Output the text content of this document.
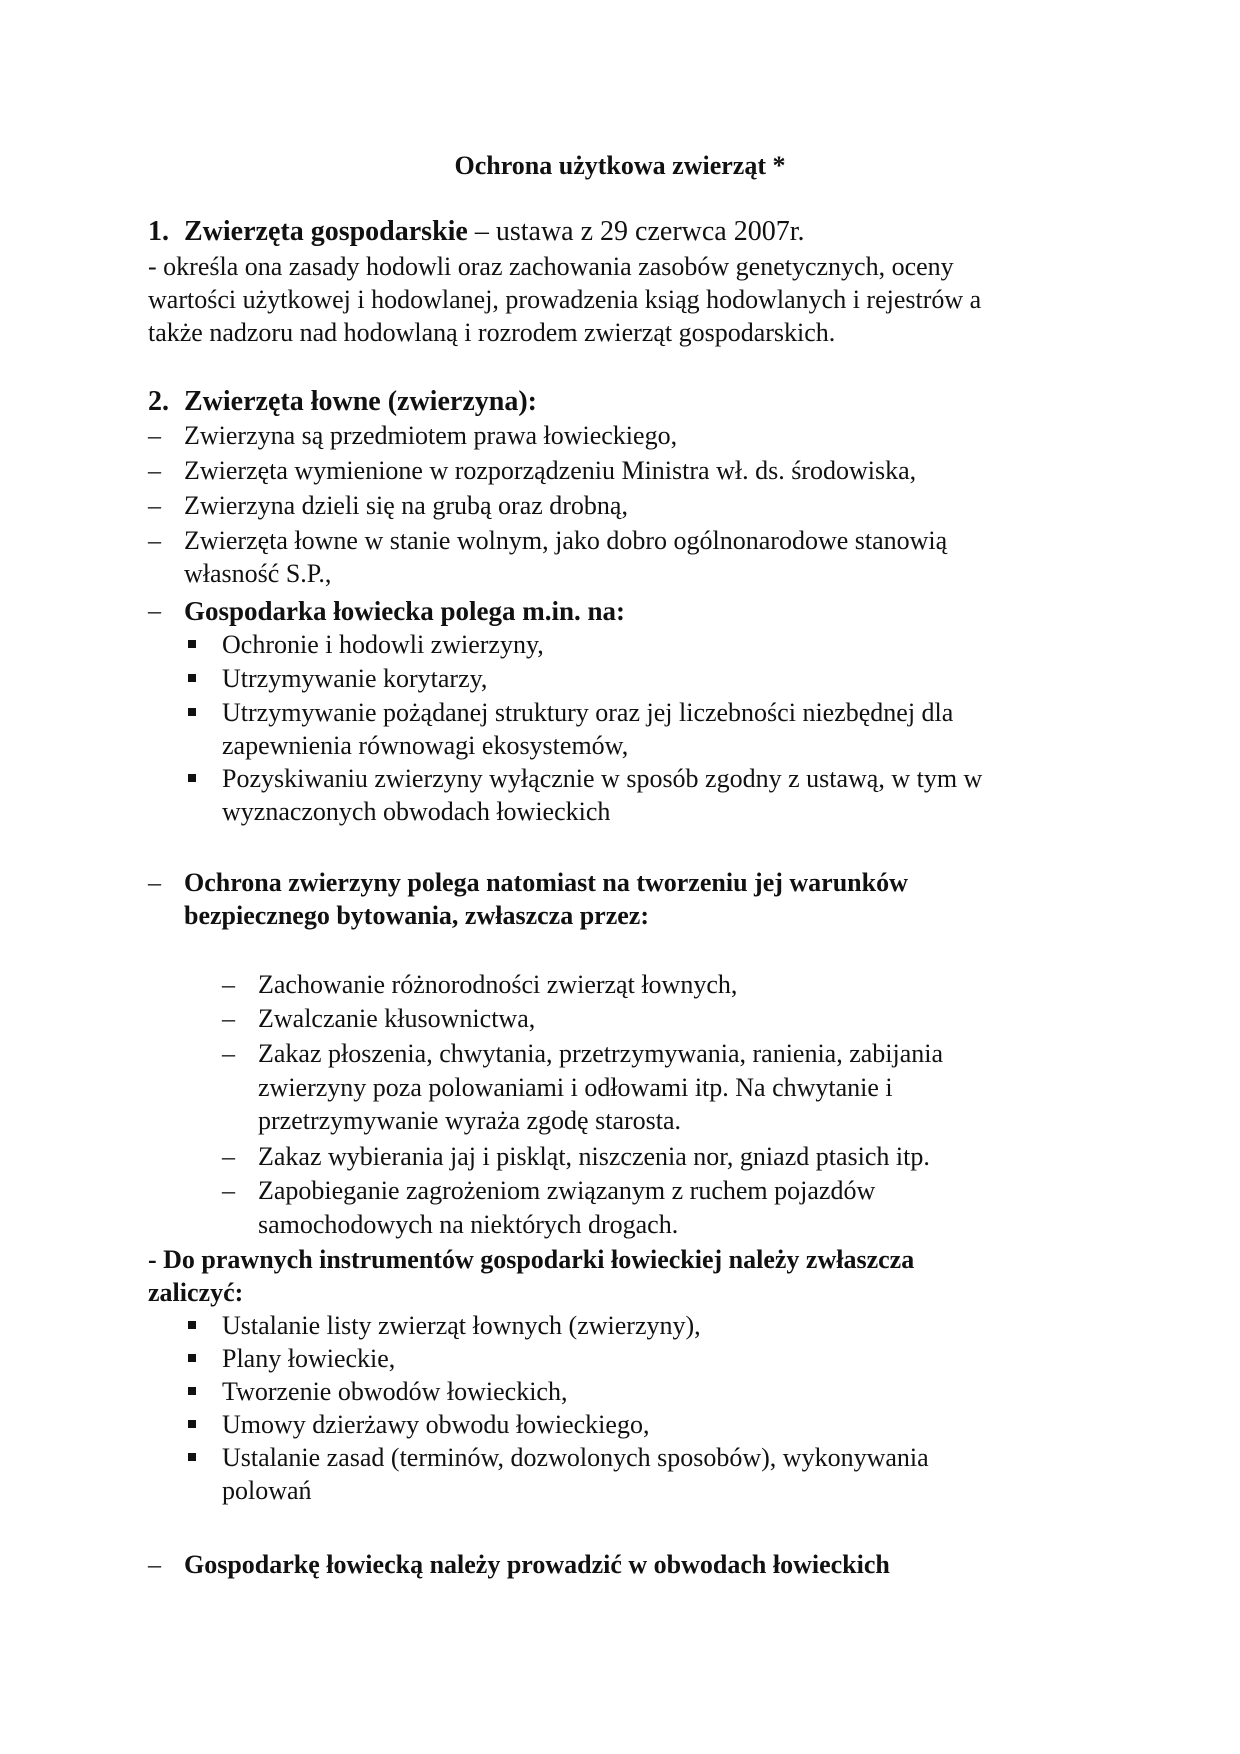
Ochrona użytkowa zwierząt *
1. Zwierzęta gospodarskie – ustawa z 29 czerwca 2007r.
- określa ona zasady hodowli oraz zachowania zasobów genetycznych, oceny
wartości użytkowej i hodowlanej, prowadzenia ksiąg hodowlanych i rejestrów a
także nadzoru nad hodowlaną i rozrodem zwierząt gospodarskich.
2. Zwierzęta łowne (zwierzyna):
– Zwierzyna są przedmiotem prawa łowieckiego,
– Zwierzęta wymienione w rozporządzeniu Ministra wł. ds. środowiska,
– Zwierzyna dzieli się na grubą oraz drobną,
– Zwierzęta łowne w stanie wolnym, jako dobro ogólnonarodowe stanowią
własność S.P.,
– Gospodarka łowiecka polega m.in. na:
Ochronie i hodowli zwierzyny,
Utrzymywanie korytarzy,
Utrzymywanie pożądanej struktury oraz jej liczebności niezbędnej dla
zapewnienia równowagi ekosystemów,
Pozyskiwaniu zwierzyny wyłącznie w sposób zgodny z ustawą, w tym w
wyznaczonych obwodach łowieckich
– Ochrona zwierzyny polega natomiast na tworzeniu jej warunków
bezpiecznego bytowania, zwłaszcza przez:
– Zachowanie różnorodności zwierząt łownych,
– Zwalczanie kłusownictwa,
– Zakaz płoszenia, chwytania, przetrzymywania, ranienia, zabijania
zwierzyny poza polowaniami i odłowami itp. Na chwytanie i
przetrzymywanie wyraża zgodę starosta.
– Zakaz wybierania jaj i piskląt, niszczenia nor, gniazd ptasich itp.
– Zapobieganie zagrożeniom związanym z ruchem pojazdów
samochodowych na niektórych drogach.
- Do prawnych instrumentów gospodarki łowieckiej należy zwłaszcza
zaliczyć:
Ustalanie listy zwierząt łownych (zwierzyny),
Plany łowieckie,
Tworzenie obwodów łowieckich,
Umowy dzierżawy obwodu łowieckiego,
Ustalanie zasad (terminów, dozwolonych sposobów), wykonywania
polowań
– Gospodarkę łowiecką należy prowadzić w obwodach łowieckich
